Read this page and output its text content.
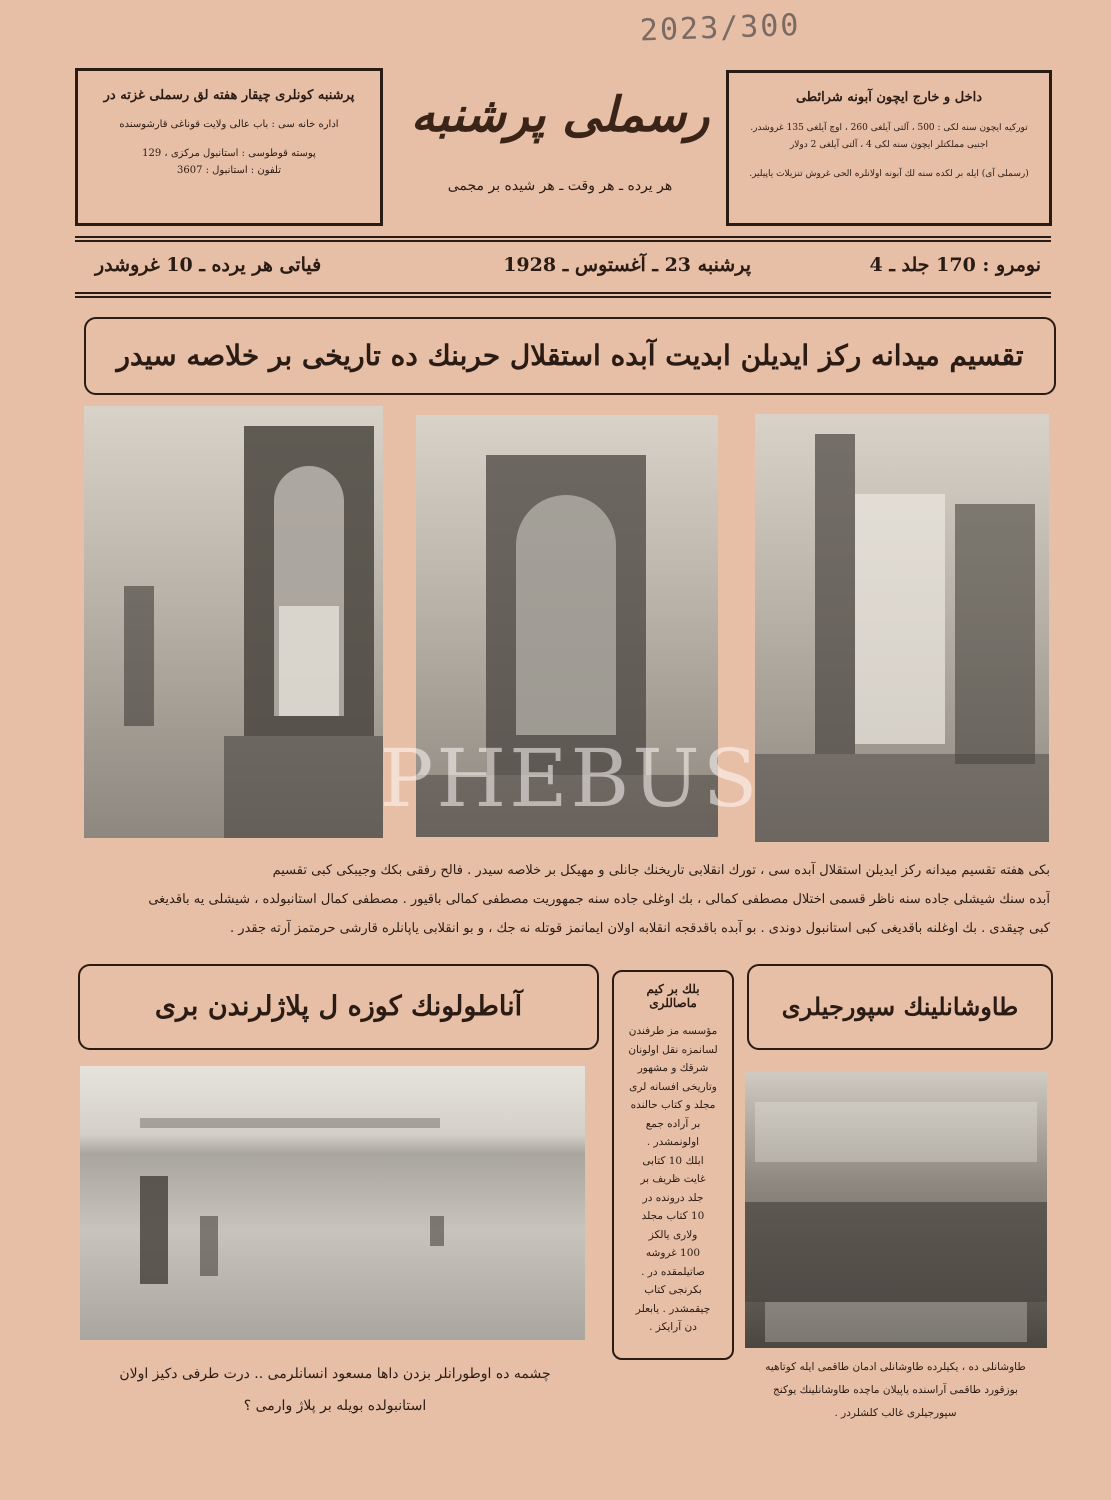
2023/300
پرشنبه كونلرى چيقار هفته لق رسملى غزته در
اداره خانه سى : باب عالى ولايت قوناغى قارشوسنده
پوسته قوطوسى : استانبول مركزى ، 129
تلفون : استانبول : 3607
رسملی پرشنبه
هر يرده ـ هر وقت ـ هر شيده بر مجمى
داخل و خارج ايچون آبونه شرائطى
توركيه ايچون سنه لكى : 500 ، آلتى آيلغى 260 ، اوچ آيلغى 135 غروشدر.
اجنبى مملكتلر ايچون سنه لكى 4 ، آلتى آيلغى 2 دولار
(رسملى آى) ايله بر لكده سنه لك آبونه اولانلره الحى غروش تنزيلات ياپيلير.
نومرو : 170 جلد ـ 4
پرشنبه 23 ـ آغستوس ـ 1928
فياتى هر يرده ـ 10 غروشدر
تقسيم ميدانه ركز ايديلن ابديت آبده استقلال حربنك ده تاريخى بر خلاصه سيدر
PHEBUS
بكى هفته تقسيم ميدانه ركز ايديلن استقلال آبده سى ، تورك انقلابى تاريخنك جانلى و مهيكل بر خلاصه سيدر . فالح رفقى بكك وجيبكى كبى تقسيم
آبده سنك شيشلى جاده سنه ناظر قسمى اختلال مصطفى كمالى ، بك اوغلى جاده سنه جمهوريت مصطفى كمالى باقيور . مصطفى كمال استانبولده ، شيشلى يه باقديغى
كبى چيقدى . بك اوغلنه باقديغى كبى استانبول دوندى . بو آبده باقدقجه انقلابه اولان ايمانمز قوتله نه جك ، و بو انقلابى ياپانلره قارشى حرمتمز آرته جقدر .
آناطولونك كوزه ل پلاژلرندن برى
چشمه ده اوطورانلر بزدن داها مسعود انسانلرمى .. درت طرفى دكيز اولان
استانبولده بويله بر پلاژ وارمى ؟
بلك بر كيم
ماصاللرى
مؤسسه مز طرفندن
لسانمزه نقل اولونان
شرقك و مشهور
وتاريخى افسانه لرى
مجلد و كتاب حالنده
بر آراده جمع
اولونمشدر .
ابلك 10 كتابى
غايت ظريف بر
جلد درونده در
10 كتاب مجلد
ولارى يالكز
100 غروشه
صاتيلمقده در .
بكرنجى كتاب
چيقمشدر . يابعلر
دن آرايكز .
طاوشانلينك سپورجيلرى
طاوشانلى ده ، يكيلرده طاوشانلى ادمان طاقمى ايله كوتاهيه
بوزقورد طاقمى آراسنده ياپيلان ماچده طاوشانلينك يوكنج
سپورجيلرى غالب كلشلردر .
